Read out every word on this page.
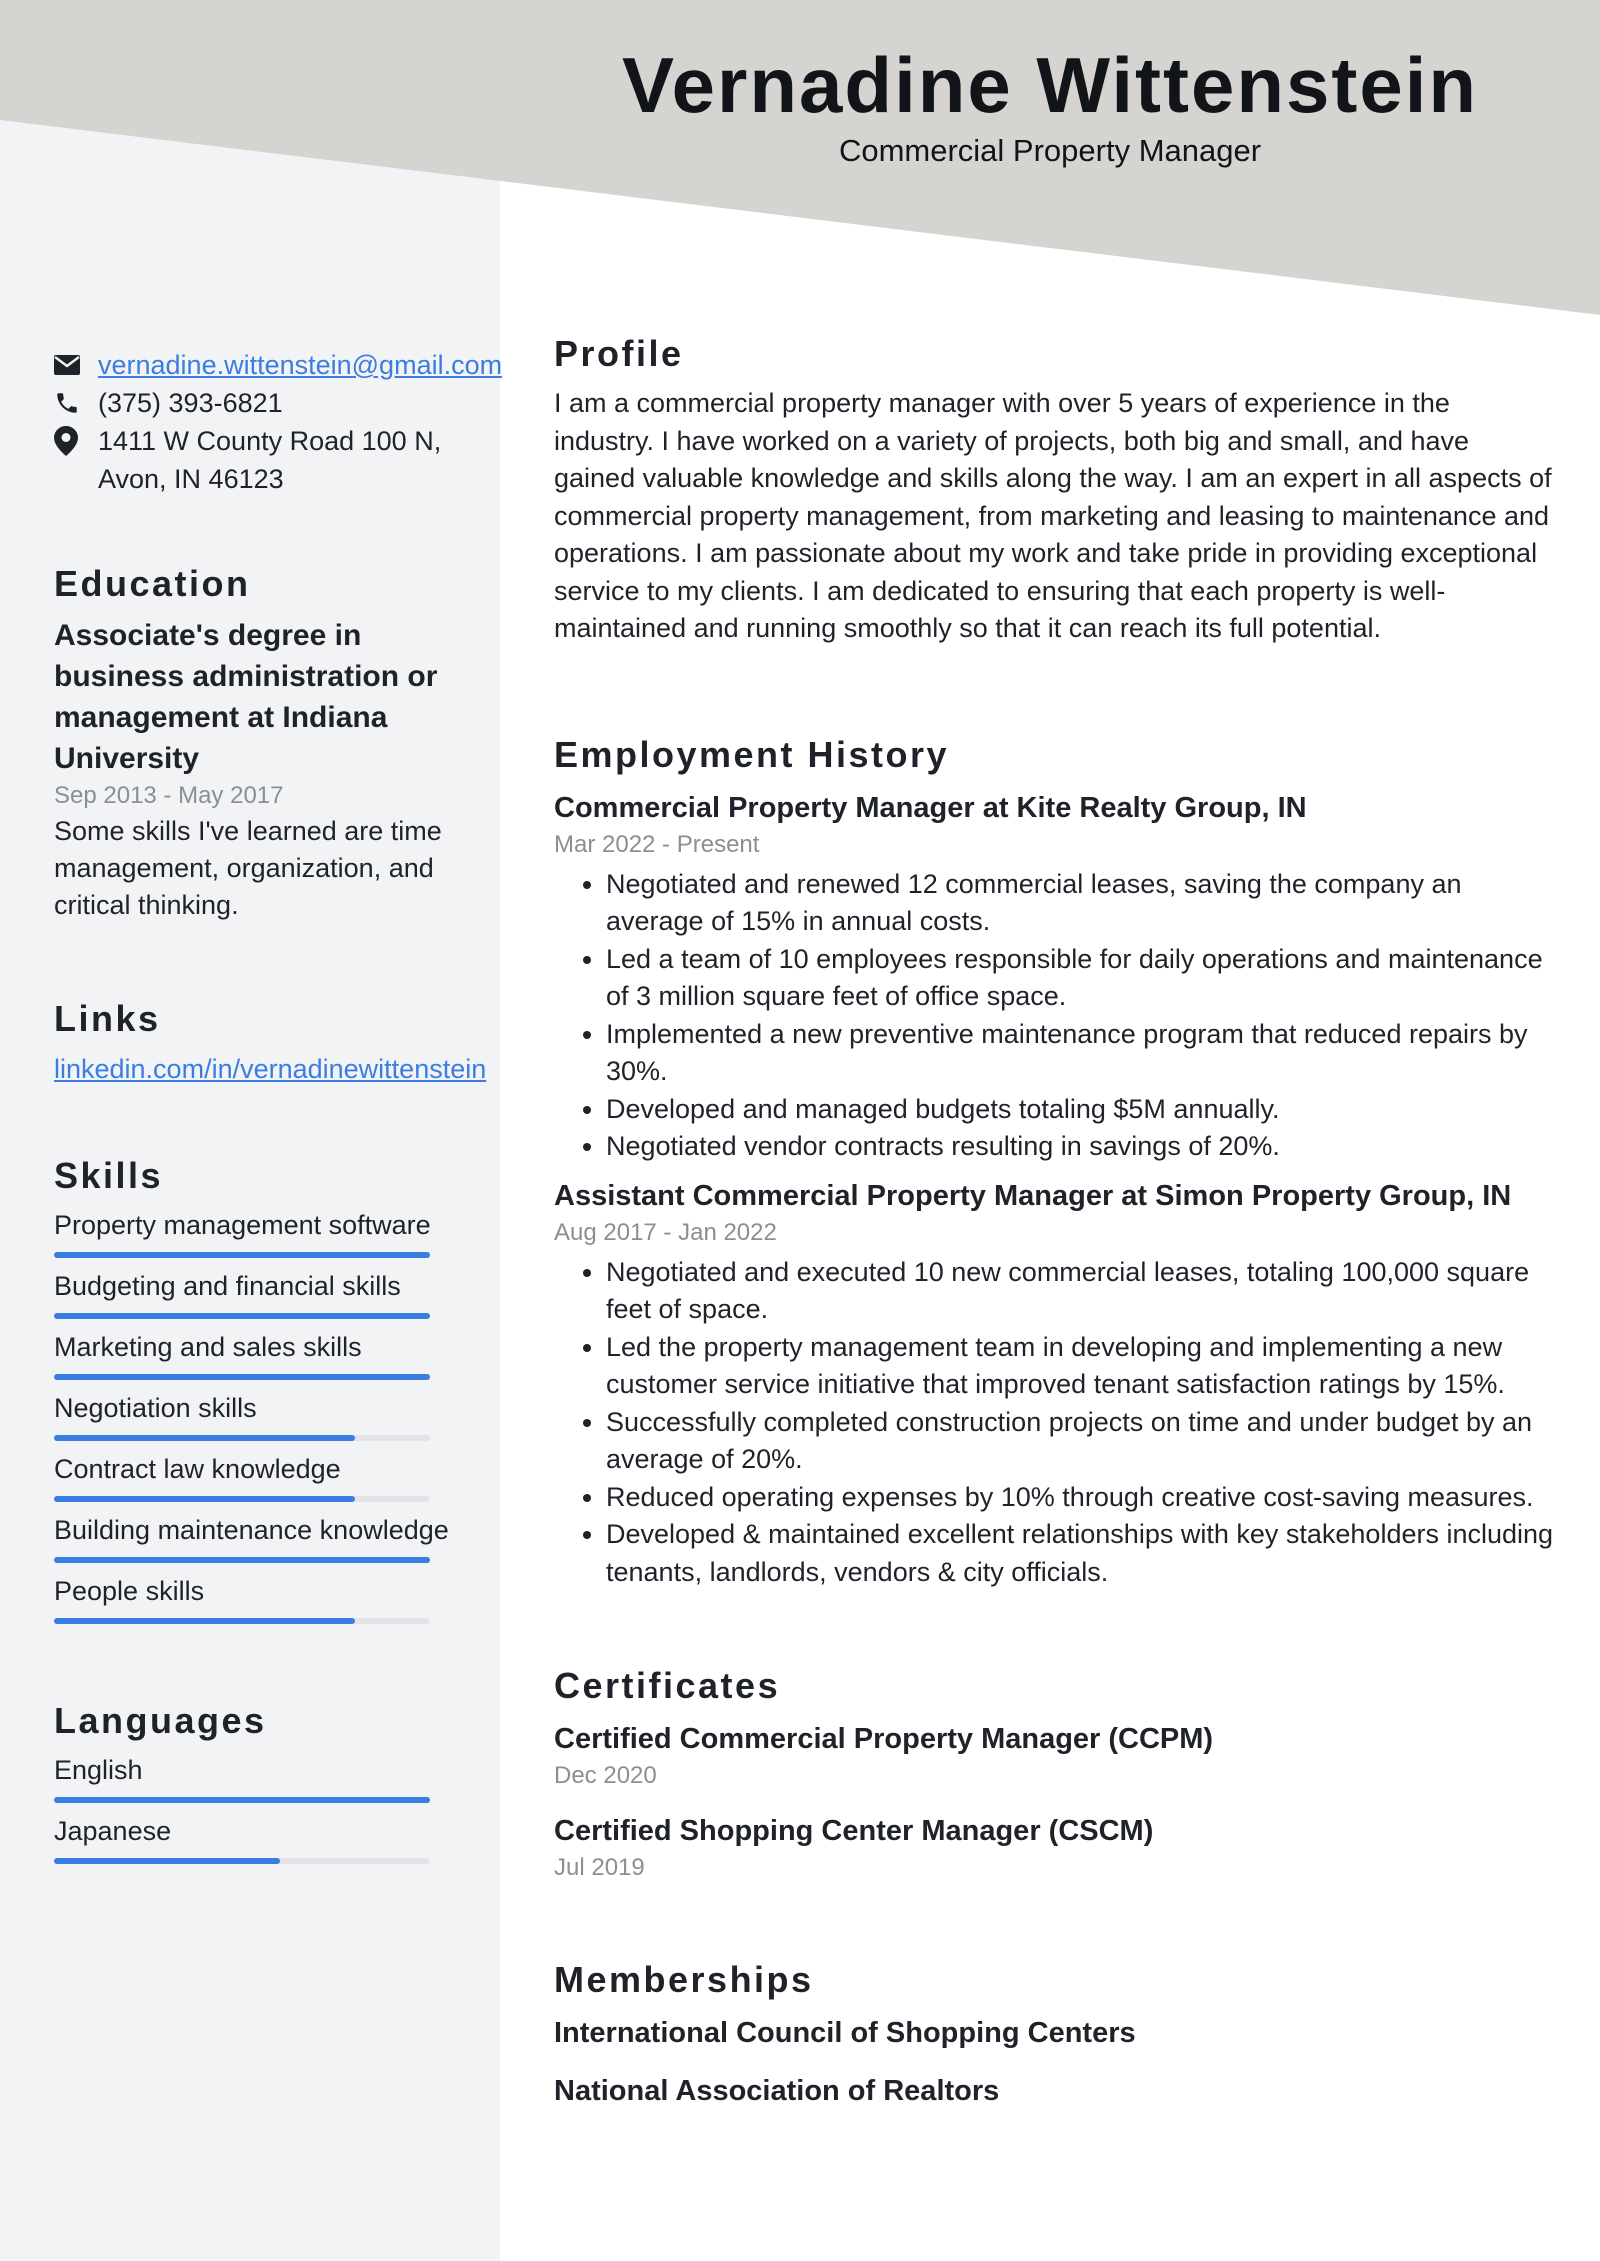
Vernadine Wittenstein
Commercial Property Manager
vernadine.wittenstein@gmail.com
(375) 393-6821
1411 W County Road 100 N,
Avon, IN 46123
Education
Associate's degree in business administration or management at Indiana University
Sep 2013 - May 2017
Some skills I've learned are time management, organization, and critical thinking.
Links
linkedin.com/in/vernadinewittenstein
Skills
Property management software
Budgeting and financial skills
Marketing and sales skills
Negotiation skills
Contract law knowledge
Building maintenance knowledge
People skills
Languages
English
Japanese
Profile
I am a commercial property manager with over 5 years of experience in the industry. I have worked on a variety of projects, both big and small, and have gained valuable knowledge and skills along the way. I am an expert in all aspects of commercial property management, from marketing and leasing to maintenance and operations. I am passionate about my work and take pride in providing exceptional service to my clients. I am dedicated to ensuring that each property is well-maintained and running smoothly so that it can reach its full potential.
Employment History
Commercial Property Manager at Kite Realty Group, IN
Mar 2022 - Present
• Negotiated and renewed 12 commercial leases, saving the company an average of 15% in annual costs.
• Led a team of 10 employees responsible for daily operations and maintenance of 3 million square feet of office space.
• Implemented a new preventive maintenance program that reduced repairs by 30%.
• Developed and managed budgets totaling $5M annually.
• Negotiated vendor contracts resulting in savings of 20%.
Assistant Commercial Property Manager at Simon Property Group, IN
Aug 2017 - Jan 2022
• Negotiated and executed 10 new commercial leases, totaling 100,000 square feet of space.
• Led the property management team in developing and implementing a new customer service initiative that improved tenant satisfaction ratings by 15%.
• Successfully completed construction projects on time and under budget by an average of 20%.
• Reduced operating expenses by 10% through creative cost-saving measures.
• Developed & maintained excellent relationships with key stakeholders including tenants, landlords, vendors & city officials.
Certificates
Certified Commercial Property Manager (CCPM)
Dec 2020
Certified Shopping Center Manager (CSCM)
Jul 2019
Memberships
International Council of Shopping Centers
National Association of Realtors
